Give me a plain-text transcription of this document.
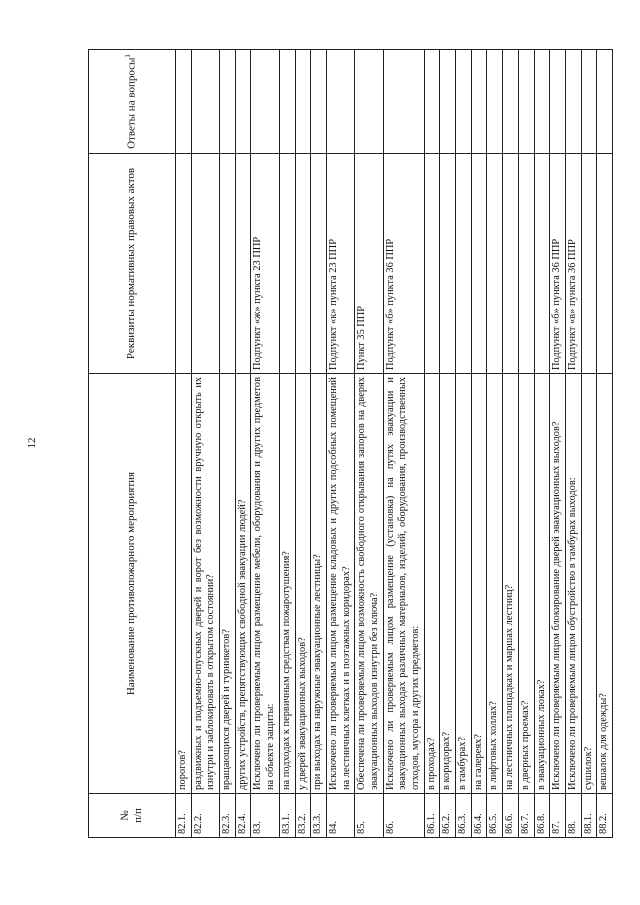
12
№
п/п	Наименование противопожарного мероприятия	Реквизиты нормативных правовых актов	Ответы на вопросы$^1$
82.1.	порогов?		
82.2.	раздвижных и подъемно-опускных дверей и ворот без возможности вручную открыть их изнутри и заблокировать в открытом состоянии?		
82.3.	вращающихся дверей и турникетов?		
82.4.	других устройств, препятствующих свободной эвакуации людей?		
83.	Исключено ли проверяемым лицом размещение мебели, оборудования и других предметов на объекте защиты:	Подпункт «ж» пункта 23 ППР	
83.1.	на подходах к первичным средствам пожаротушения?		
83.2.	у дверей эвакуационных выходов?		
83.3.	при выходах на наружные эвакуационные лестницы?		
84.	Исключено ли проверяемым лицом размещение кладовых и других подсобных помещений на лестничных клетках и в поэтажных коридорах?	Подпункт «к» пункта 23 ППР	
85.	Обеспечена ли проверяемым лицом возможность свободного открывания запоров на дверях эвакуационных выходов изнутри без ключа?	Пункт 35 ППР	
86.	Исключено ли проверяемым лицом размещение (установка) на путях эвакуации и эвакуационных выходах различных материалов, изделий, оборудования, производственных отходов, мусора и других предметов:	Подпункт «б» пункта 36 ППР	
86.1.	в проходах?		
86.2.	в коридорах?		
86.3.	в тамбурах?		
86.4.	на галереях?		
86.5.	в лифтовых холлах?		
86.6.	на лестничных площадках и маршах лестниц?		
86.7.	в дверных проемах?		
86.8.	в эвакуационных люках?		
87.	Исключено ли проверяемым лицом блокирование дверей эвакуационных выходов?	Подпункт «б» пункта 36 ППР	
88.	Исключено ли проверяемым лицом обустройство в тамбурах выходов:	Подпункт «в» пункта 36 ППР	
88.1.	сушилок?		
88.2.	вешалок для одежды?		
